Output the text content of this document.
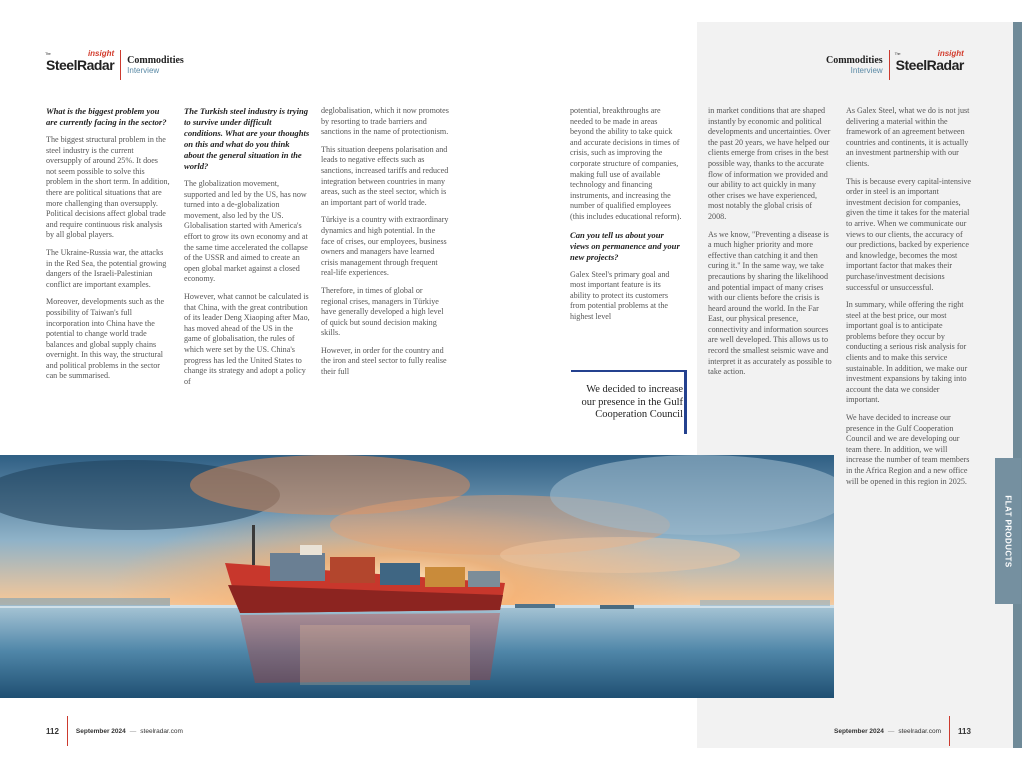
The
SteelRadar
insight
Commodities
Interview
Commodities
Interview
The
SteelRadar
insight

What is the biggest problem you are currently facing in the sector?

The biggest structural problem in the steel industry is the current oversupply of around 25%. It does not seem possible to solve this problem in the short term. In addition, there are political situations that are more challenging than oversupply. Political decisions affect global trade and require continuous risk analysis by all global players.

The Ukraine-Russia war, the attacks in the Red Sea, the potential growing dangers of the Israeli-Palestinian conflict are important examples.

Moreover, developments such as the possibility of Taiwan's full incorporation into China have the potential to change world trade balances and global supply chains overnight. In this way, the structural and political problems in the sector can be summarised.

The Turkish steel industry is trying to survive under difficult conditions. What are your thoughts on this and what do you think about the general situation in the world?

The globalization movement, supported and led by the US, has now turned into a de-globalization movement, also led by the US. Globalisation started with America's effort to grow its own economy and at the same time accelerated the collapse of the USSR and aimed to create an open global market against a closed economy.

However, what cannot be calculated is that China, with the great contribution of its leader Deng Xiaoping after Mao, has moved ahead of the US in the game of globalisation, the rules of which were set by the US. China's progress has led the United States to change its strategy and adopt a policy of

deglobalisation, which it now promotes by resorting to trade barriers and sanctions in the name of protectionism.

This situation deepens polarisation and leads to negative effects such as sanctions, increased tariffs and reduced integration between countries in many areas, such as the steel sector, which is an important part of world trade.

Türkiye is a country with extraordinary dynamics and high potential. In the face of crises, our employees, business owners and managers have learned crisis management through frequent real-life experiences.

Therefore, in times of global or regional crises, managers in Türkiye have generally developed a high level of quick but sound decision making skills.

However, in order for the country and the iron and steel sector to fully realise their full

potential, breakthroughs are needed to be made in areas beyond the ability to take quick and accurate decisions in times of crisis, such as improving the corporate structure of companies, making full use of available technology and financing instruments, and increasing the number of qualified employees (this includes educational reform).

Can you tell us about your views on permanence and your new projects?

Galex Steel's primary goal and most important feature is its ability to protect its customers from potential problems at the highest level

We decided to increase our presence in the Gulf Cooperation Council

in market conditions that are shaped instantly by economic and political developments and uncertainties. Over the past 20 years, we have helped our clients emerge from crises in the best possible way, thanks to the accurate flow of information we provided and our ability to act quickly in many other crises we have experienced, most notably the global crisis of 2008.

As we know, "Preventing a disease is a much higher priority and more effective than catching it and then curing it." In the same way, we take precautions by sharing the likelihood and potential impact of many crises with our clients before the crisis is heard around the world. In the Far East, our physical presence, connectivity and information sources are well developed. This allows us to record the smallest seismic wave and interpret it as accurately as possible to take action.

As Galex Steel, what we do is not just delivering a material within the framework of an agreement between countries and continents, it is actually an investment partnership with our clients.

This is because every capital-intensive order in steel is an important investment decision for companies, given the time it takes for the material to arrive. When we communicate our views to our clients, the accuracy of our predictions, backed by experience and knowledge, becomes the most important factor that makes their purchase/investment decisions successful or unsuccessful.

In summary, while offering the right steel at the best price, our most important goal is to anticipate problems before they occur by conducting a serious risk analysis for clients and to make this service sustainable. In addition, we make our investment expansions by taking into account the data we consider important.

We have decided to increase our presence in the Gulf Cooperation Council and we are developing our team there. In addition, we will increase the number of team members in the Africa Region and a new office will be opened in this region in 2025.

FLAT PRODUCTS
112	September 2024 — steelradar.com	September 2024 — steelradar.com 113
